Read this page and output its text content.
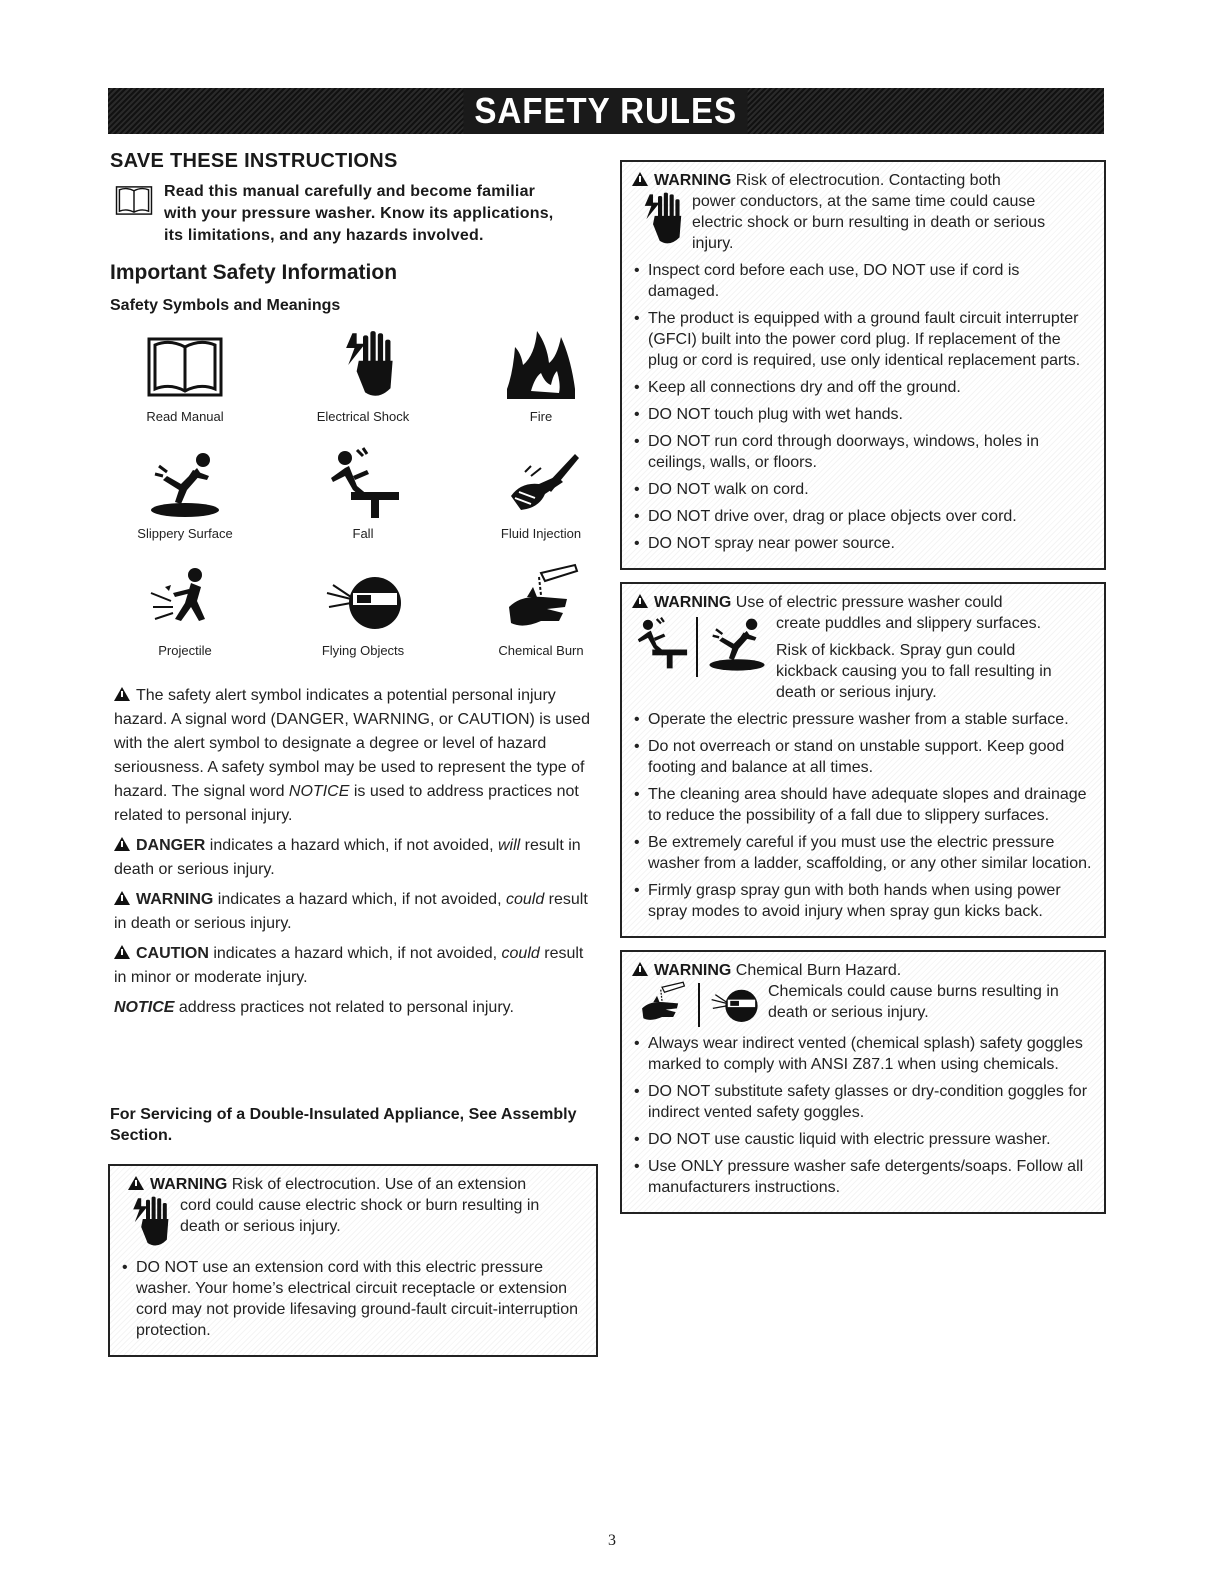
SAFETY RULES
SAVE THESE INSTRUCTIONS
Read this manual carefully and become familiar
with your pressure washer. Know its applications,
its limitations, and any hazards involved.
Important Safety Information
Safety Symbols and Meanings
Read Manual	Electrical Shock	Fire
Slippery Surface	Fall	Fluid Injection
Projectile	Flying Objects	Chemical Burn

The safety alert symbol indicates a potential personal injury hazard. A signal word (DANGER, WARNING, or CAUTION) is used with the alert symbol to designate a degree or level of hazard seriousness. A safety symbol may be used to represent the type of hazard. The signal word NOTICE is used to address practices not related to personal injury.

DANGER indicates a hazard which, if not avoided, will result in death or serious injury.

WARNING indicates a hazard which, if not avoided, could result in death or serious injury.

CAUTION indicates a hazard which, if not avoided, could result in minor or moderate injury.

NOTICE address practices not related to personal injury.

For Servicing of a Double-Insulated Appliance, See Assembly Section.
WARNING Risk of electrocution. Use of an extension
cord could cause electric shock or burn resulting in
death or serious injury.
• DO NOT use an extension cord with this electric pressure washer. Your home’s electrical circuit receptacle or extension cord may not provide lifesaving ground-fault circuit-interruption protection.
WARNING Risk of electrocution. Contacting both
power conductors, at the same time could cause
electric shock or burn resulting in death or serious
injury.
• Inspect cord before each use, DO NOT use if cord is damaged.
• The product is equipped with a ground fault circuit interrupter (GFCI) built into the power cord plug. If replacement of the plug or cord is required, use only identical replacement parts.
• Keep all connections dry and off the ground.
• DO NOT touch plug with wet hands.
• DO NOT run cord through doorways, windows, holes in ceilings, walls, or floors.
• DO NOT walk on cord.
• DO NOT drive over, drag or place objects over cord.
• DO NOT spray near power source.
WARNING Use of electric pressure washer could
create puddles and slippery surfaces.
Risk of kickback. Spray gun could
kickback causing you to fall resulting in
death or serious injury.
• Operate the electric pressure washer from a stable surface.
• Do not overreach or stand on unstable support. Keep good footing and balance at all times.
• The cleaning area should have adequate slopes and drainage to reduce the possibility of a fall due to slippery surfaces.
• Be extremely careful if you must use the electric pressure washer from a ladder, scaffolding, or any other similar location.
• Firmly grasp spray gun with both hands when using power spray modes to avoid injury when spray gun kicks back.
WARNING Chemical Burn Hazard.
Chemicals could cause burns resulting in
death or serious injury.
• Always wear indirect vented (chemical splash) safety goggles marked to comply with ANSI Z87.1 when using chemicals.
• DO NOT substitute safety glasses or dry-condition goggles for indirect vented safety goggles.
• DO NOT use caustic liquid with electric pressure washer.
• Use ONLY pressure washer safe detergents/soaps. Follow all manufacturers instructions.
3
